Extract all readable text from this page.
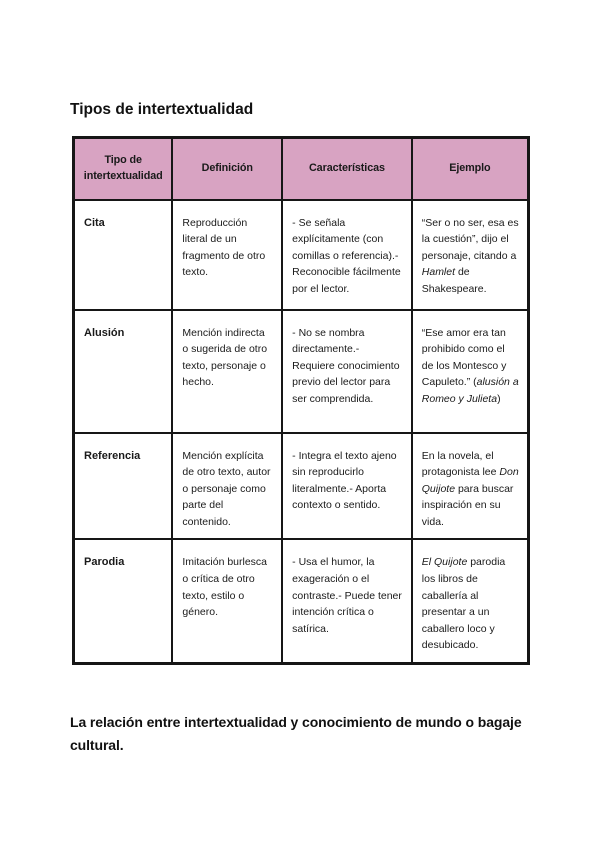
Tipos de intertextualidad
Tipo de intertextualidad	Definición	Características	Ejemplo
Cita	Reproducción literal de un fragmento de otro texto.	- Se señala explícitamente (con comillas o referencia).- Reconocible fácilmente por el lector.	“Ser o no ser, esa es la cuestión”, dijo el personaje, citando a Hamlet de Shakespeare.
Alusión	Mención indirecta o sugerida de otro texto, personaje o hecho.	- No se nombra directamente.- Requiere conocimiento previo del lector para ser comprendida.	“Ese amor era tan prohibido como el de los Montesco y Capuleto.” (alusión a Romeo y Julieta)
Referencia	Mención explícita de otro texto, autor o personaje como parte del contenido.	- Integra el texto ajeno sin reproducirlo literalmente.- Aporta contexto o sentido.	En la novela, el protagonista lee Don Quijote para buscar inspiración en su vida.
Parodia	Imitación burlesca o crítica de otro texto, estilo o género.	- Usa el humor, la exageración o el contraste.- Puede tener intención crítica o satírica.	El Quijote parodia los libros de caballería al presentar a un caballero loco y desubicado.

La relación entre intertextualidad y conocimiento de mundo o bagaje cultural.
